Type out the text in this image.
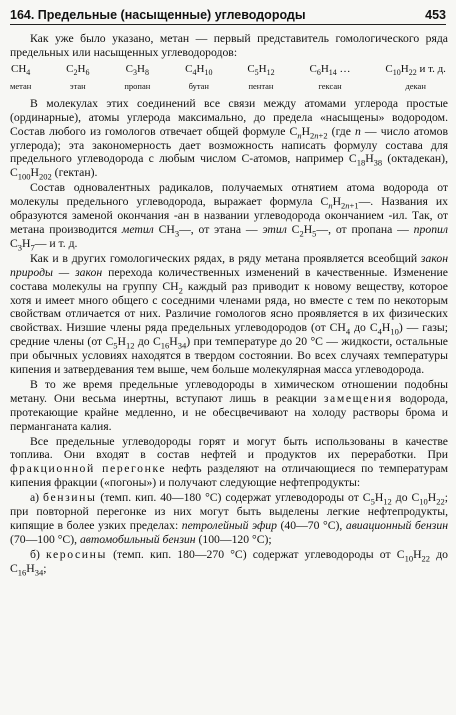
164. Предельные (насыщенные) углеводороды	453

Как уже было указано, метан — первый представитель гомологического ряда предельных или насыщенных углеводородов:

$CH_4$
метан
$C_2H_6$
этан
$C_3H_8$
пропан
$C_4H_{10}$
бутан
$C_5H_{12}$
пентан
$C_6H_{14}$ …
гексан
$C_{10}H_{22}$ и т. д.
декан

В молекулах этих соединений все связи между атомами углерода простые (ординарные), атомы углерода максимально, до предела «насыщены» водородом. Состав любого из гомологов отвечает общей формуле $C_nH_{2n+2}$ (где n — число атомов углерода); эта закономерность дает возможность написать формулу состава для предельного углеводорода с любым числом С-атомов, например $C_{18}H_{38}$ (октадекан), $C_{100}H_{202}$ (гектан).

Состав одновалентных радикалов, получаемых отнятием атома водорода от молекулы предельного углеводорода, выражает формула $C_nH_{2n+1}—$. Названия их образуются заменой окончания -ан в названии углеводорода окончанием -ил. Так, от метана производится метил $CH_3—$, от этана — этил $C_2H_5—$, от пропана — пропил $C_3H_7—$ и т. д.

Как и в других гомологических рядах, в ряду метана проявляется всеобщий закон природы — закон перехода количественных изменений в качественные. Изменение состава молекулы на группу $СН_2$ каждый раз приводит к новому веществу, которое хотя и имеет много общего с соседними членами ряда, но вместе с тем по некоторым свойствам отличается от них. Различие гомологов ясно проявляется в их физических свойствах. Низшие члены ряда предельных углеводородов (от $СН_4$ до $С_4H_{10}$) — газы; средние члены (от $С_5H_{12}$ до $С_{16}H_{34}$) при температуре до 20 °С — жидкости, остальные при обычных условиях находятся в твердом состоянии. Во всех случаях температуры кипения и затвердевания тем выше, чем больше молекулярная масса углеводорода.

В то же время предельные углеводороды в химическом отношении подобны метану. Они весьма инертны, вступают лишь в реакции замещения водорода, протекающие крайне медленно, и не обесцвечивают на холоду растворы брома и перманганата калия.

Все предельные углеводороды горят и могут быть использованы в качестве топлива. Они входят в состав нефтей и продуктов их переработки. При фракционной перегонке нефть разделяют на отличающиеся по температурам кипения фракции («погоны») и получают следующие нефтепродукты:

а) бензины (темп. кип. 40—180 °С) содержат углеводороды от $С_5H_{12}$ до $С_{10}H_{22}$; при повторной перегонке из них могут быть выделены легкие нефтепродукты, кипящие в более узких пределах: петролейный эфир (40—70 °С), авиационный бензин (70—100 °С), автомобильный бензин (100—120 °С);

б) керосины (темп. кип. 180—270 °С) содержат углеводороды от $С_{10}H_{22}$ до $С_{16}H_{34}$;
